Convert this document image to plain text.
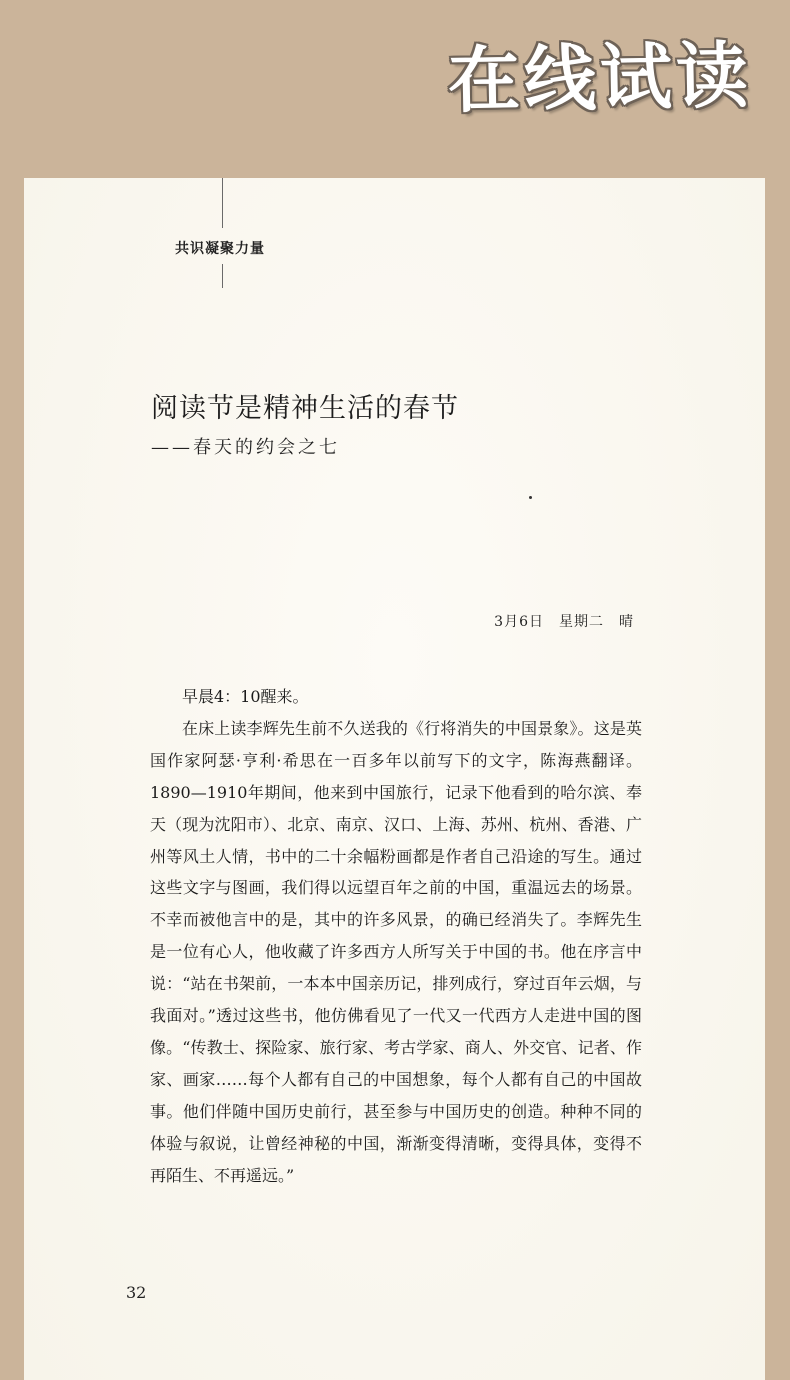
在线试读
共识凝聚力量
阅读节是精神生活的春节
——春天的约会之七
3月6日　星期二　晴

早晨4：10醒来。

在床上读李辉先生前不久送我的《行将消失的中国景象》。这是英国作家阿瑟·亨利·希思在一百多年以前写下的文字，陈海燕翻译。1890—1910年期间，他来到中国旅行，记录下他看到的哈尔滨、奉天（现为沈阳市）、北京、南京、汉口、上海、苏州、杭州、香港、广州等风土人情，书中的二十余幅粉画都是作者自己沿途的写生。通过这些文字与图画，我们得以远望百年之前的中国，重温远去的场景。不幸而被他言中的是，其中的许多风景，的确已经消失了。李辉先生是一位有心人，他收藏了许多西方人所写关于中国的书。他在序言中说：“站在书架前，一本本中国亲历记，排列成行，穿过百年云烟，与我面对。”透过这些书，他仿佛看见了一代又一代西方人走进中国的图像。“传教士、探险家、旅行家、考古学家、商人、外交官、记者、作家、画家……每个人都有自己的中国想象，每个人都有自己的中国故事。他们伴随中国历史前行，甚至参与中国历史的创造。种种不同的体验与叙说，让曾经神秘的中国，渐渐变得清晰，变得具体，变得不再陌生、不再遥远。”

32
